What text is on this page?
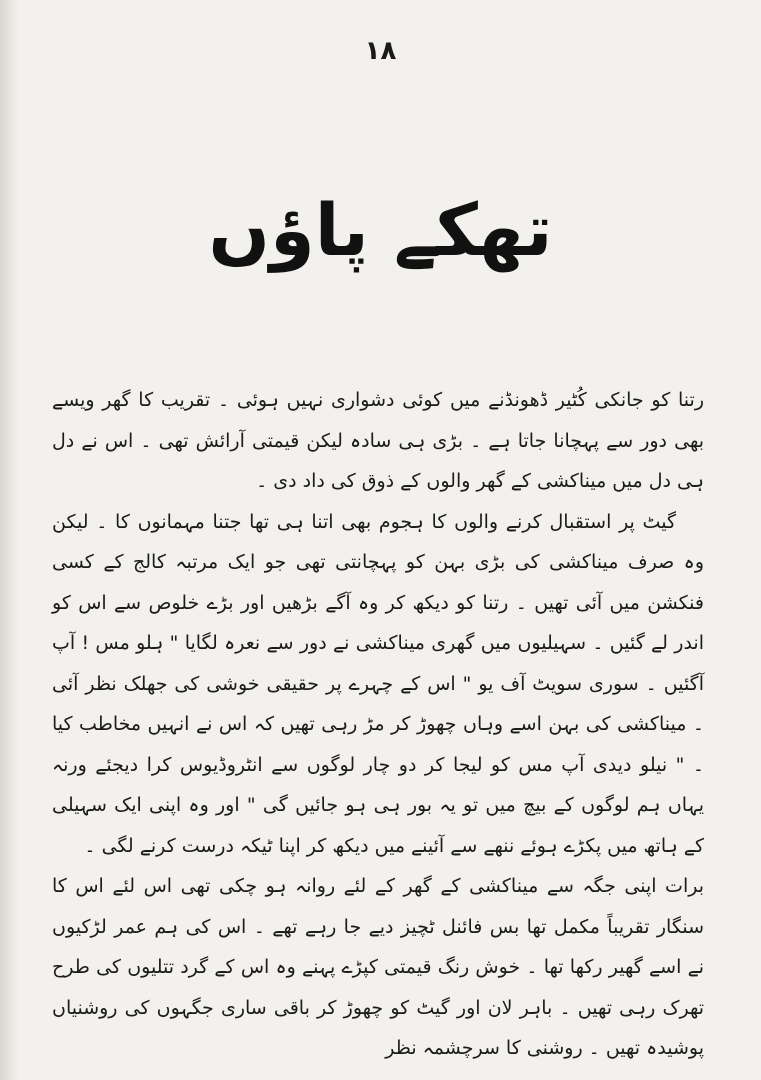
۱۸
تھکے پاؤں

رتنا کو جانکی کُٹیر ڈھونڈنے میں کوئی دشواری نہیں ہوئی ۔ تقریب کا گھر ویسے بھی دور سے پہچانا جاتا ہے ۔ بڑی ہی سادہ لیکن قیمتی آرائش تھی ۔ اس نے دل ہی دل میں میناکشی کے گھر والوں کے ذوق کی داد دی ۔

گیٹ پر استقبال کرنے والوں کا ہجوم بھی اتنا ہی تھا جتنا مہمانوں کا ۔ لیکن وہ صرف میناکشی کی بڑی بہن کو پہچانتی تھی جو ایک مرتبہ کالج کے کسی فنکشن میں آئی تھیں ۔ رتنا کو دیکھ کر وہ آگے بڑھیں اور بڑے خلوص سے اس کو اندر لے گئیں ۔ سہیلیوں میں گھری میناکشی نے دور سے نعرہ لگایا " ہلو مس ! آپ آگئیں ۔ سوری سویٹ آف یو " اس کے چہرے پر حقیقی خوشی کی جھلک نظر آئی ۔ میناکشی کی بہن اسے وہاں چھوڑ کر مڑ رہی تھیں کہ اس نے انہیں مخاطب کیا ۔ " نیلو دیدی آپ مس کو لیجا کر دو چار لوگوں سے انٹروڈیوس کرا دیجئے ورنہ یہاں ہم لوگوں کے بیچ میں تو یہ بور ہی ہو جائیں گی " اور وہ اپنی ایک سہیلی کے ہاتھ میں پکڑے ہوئے ننھے سے آئینے میں دیکھ کر اپنا ٹیکہ درست کرنے لگی ۔

برات اپنی جگہ سے میناکشی کے گھر کے لئے روانہ ہو چکی تھی اس لئے اس کا سنگار تقریباً مکمل تھا بس فائنل ٹچیز دیے جا رہے تھے ۔ اس کی ہم عمر لڑکیوں نے اسے گھیر رکھا تھا ۔ خوش رنگ قیمتی کپڑے پہنے وہ اس کے گرد تتلیوں کی طرح تھرک رہی تھیں ۔ باہر لان اور گیٹ کو چھوڑ کر باقی ساری جگہوں کی روشنیاں پوشیدہ تھیں ۔ روشنی کا سرچشمہ نظر
